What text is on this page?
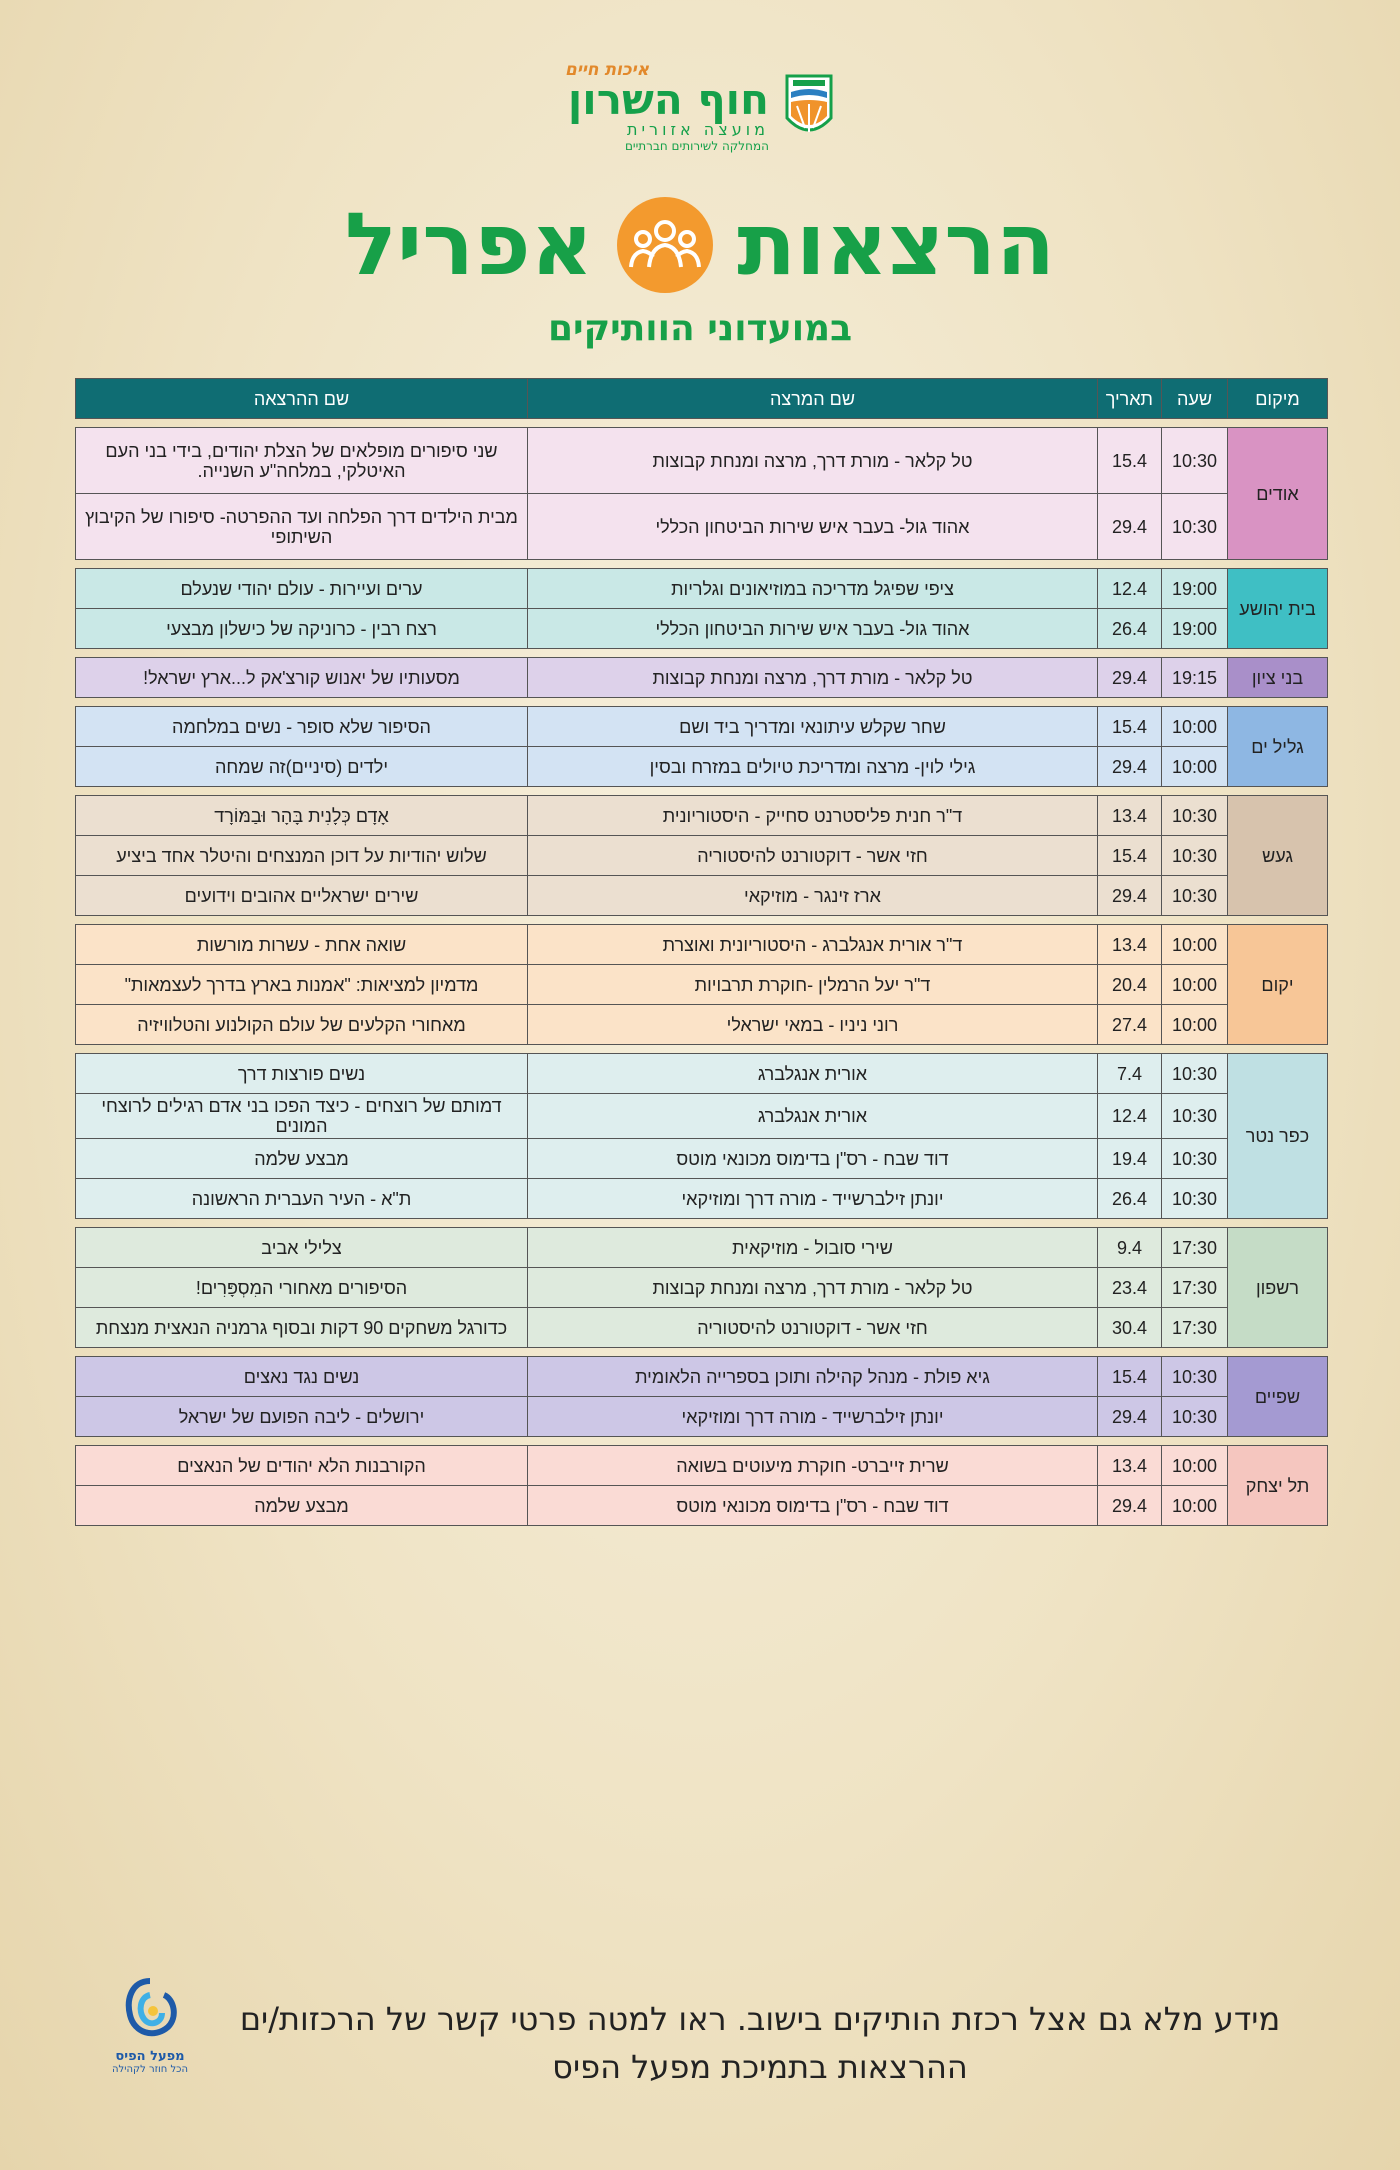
איכות חיים
חוף השרון
מועצה אזורית
המחלקה לשירותים חברתיים
הרצאות
אפריל
במועדוני הוותיקים
מיקום	שעה	תאריך	שם המרצה	שם ההרצאה

אודים	10:30	15.4	טל קלאר - מורת דרך, מרצה ומנחת קבוצות	שני סיפורים מופלאים של הצלת יהודים, בידי בני העם האיטלקי, במלחה"ע השנייה.
	10:30	29.4	אהוד גול- בעבר איש שירות הביטחון הכללי	מבית הילדים דרך הפלחה ועד ההפרטה- סיפורו של הקיבוץ השיתופי

בית יהושע	19:00	12.4	ציפי שפיגל מדריכה במוזיאונים וגלריות	ערים ועיירות - עולם יהודי שנעלם
	19:00	26.4	אהוד גול- בעבר איש שירות הביטחון הכללי	רצח רבין - כרוניקה של כישלון מבצעי

בני ציון	19:15	29.4	טל קלאר - מורת דרך, מרצה ומנחת קבוצות	מסעותיו של יאנוש קורצ'אק ל...ארץ ישראל!

גליל ים	10:00	15.4	שחר שקלש עיתונאי ומדריך ביד ושם	הסיפור שלא סופר - נשים במלחמה
	10:00	29.4	גילי לוין- מרצה ומדריכת טיולים במזרח ובסין	ילדים (סיניים)זה שמחה

געש	10:30	13.4	ד"ר חנית פליסטרנט סחייק - היסטוריונית	אָדָם כְּלָנִית בָּהָר וּבַמּוֹרָד
	10:30	15.4	חזי אשר - דוקטורנט להיסטוריה	שלוש יהודיות על דוכן המנצחים והיטלר אחד ביציע
	10:30	29.4	ארז זינגר - מוזיקאי	שירים ישראליים אהובים וידועים

יקום	10:00	13.4	ד"ר אורית אנגלברג - היסטוריונית ואוצרת	שואה אחת - עשרות מורשות
	10:00	20.4	ד"ר יעל הרמלין -חוקרת תרבויות	מדמיון למציאות: "אמנות בארץ בדרך לעצמאות"
	10:00	27.4	רוני ניניו - במאי ישראלי	מאחורי הקלעים של עולם הקולנוע והטלוויזיה

כפר נטר	10:30	7.4	אורית אנגלברג	נשים פורצות דרך
	10:30	12.4	אורית אנגלברג	דמותם של רוצחים - כיצד הפכו בני אדם רגילים לרוצחי המונים
	10:30	19.4	דוד שבח - רס"ן בדימוס מכונאי מוטס	מבצע שלמה
	10:30	26.4	יונתן זילברשייד - מורה דרך ומוזיקאי	ת"א - העיר העברית הראשונה

רשפון	17:30	9.4	שירי סובול - מוזיקאית	צלילי אביב
	17:30	23.4	טל קלאר - מורת דרך, מרצה ומנחת קבוצות	הסיפורים מאחורי המִסְפָּרִים!
	17:30	30.4	חזי אשר - דוקטורנט להיסטוריה	כדורגל משחקים 90 דקות ובסוף גרמניה הנאצית מנצחת

שפיים	10:30	15.4	גיא פולת - מנהל קהילה ותוכן בספרייה הלאומית	נשים נגד נאצים
	10:30	29.4	יונתן זילברשייד - מורה דרך ומוזיקאי	ירושלים - ליבה הפועם של ישראל

תל יצחק	10:00	13.4	שרית זייברט- חוקרת מיעוטים בשואה	הקורבנות הלא יהודים של הנאצים
	10:00	29.4	דוד שבח - רס"ן בדימוס מכונאי מוטס	מבצע שלמה
מפעל הפיס
הכל חוזר לקהילה
מידע מלא גם אצל רכזת הותיקים בישוב. ראו למטה פרטי קשר של הרכזות/ים
ההרצאות בתמיכת מפעל הפיס
